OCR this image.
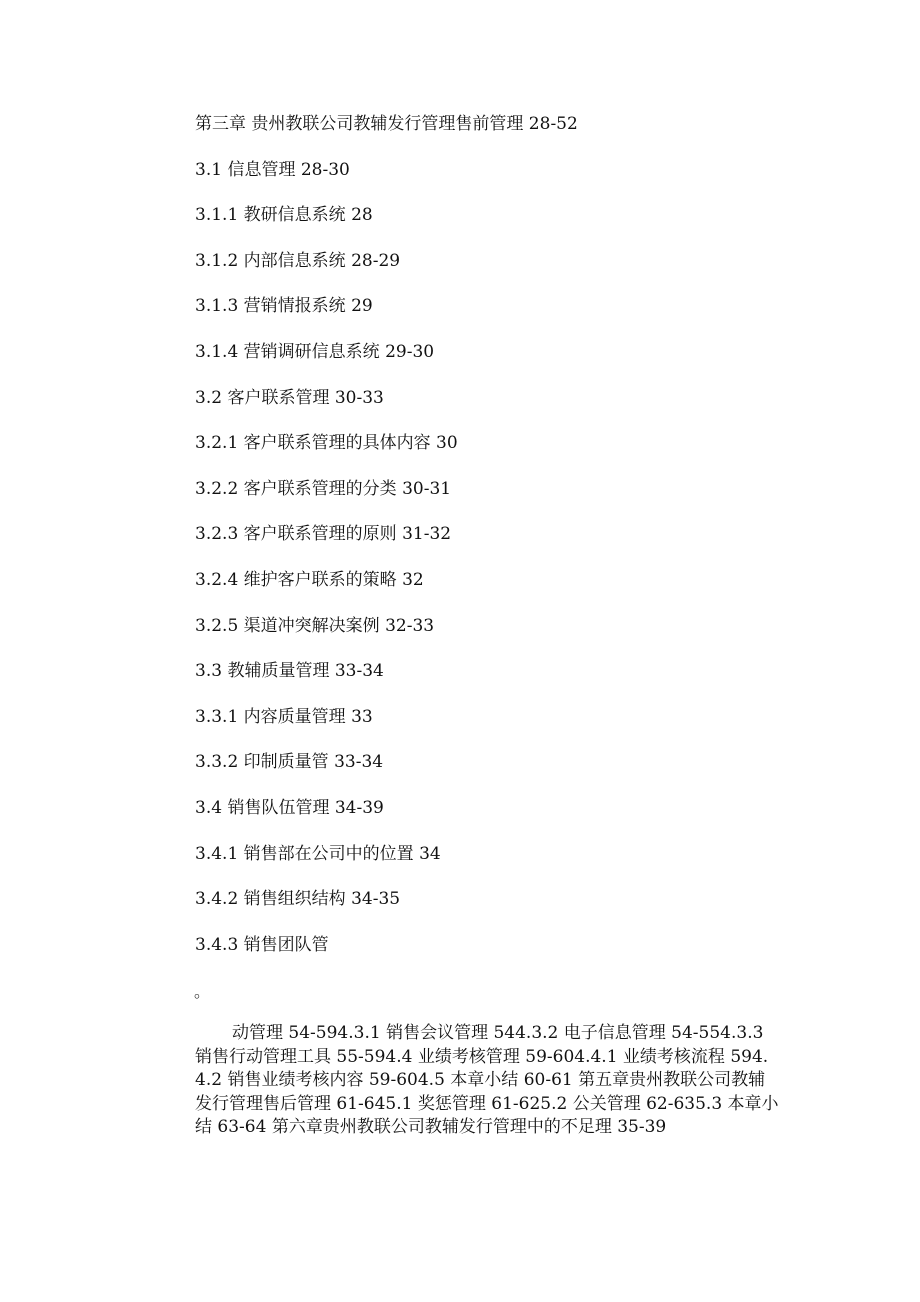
第三章 贵州教联公司教辅发行管理售前管理 28-52
3.1 信息管理 28-30
3.1.1 教研信息系统 28
3.1.2 内部信息系统 28-29
3.1.3 营销情报系统 29
3.1.4 营销调研信息系统 29-30
3.2 客户联系管理 30-33
3.2.1 客户联系管理的具体内容 30
3.2.2 客户联系管理的分类 30-31
3.2.3 客户联系管理的原则 31-32
3.2.4 维护客户联系的策略 32
3.2.5 渠道冲突解决案例 32-33
3.3 教辅质量管理 33-34
3.3.1 内容质量管理 33
3.3.2 印制质量管 33-34
3.4 销售队伍管理 34-39
3.4.1 销售部在公司中的位置 34
3.4.2 销售组织结构 34-35
3.4.3 销售团队管
。

动管理 54-594.3.1 销售会议管理 544.3.2 电子信息管理 54-554.3.3 销售行动管理工具 55-594.4 业绩考核管理 59-604.4.1 业绩考核流程 594.4.2 销售业绩考核内容 59-604.5 本章小结 60-61 第五章贵州教联公司教辅发行管理售后管理 61-645.1 奖惩管理 61-625.2 公关管理 62-635.3 本章小结 63-64 第六章贵州教联公司教辅发行管理中的不足理 35-39
